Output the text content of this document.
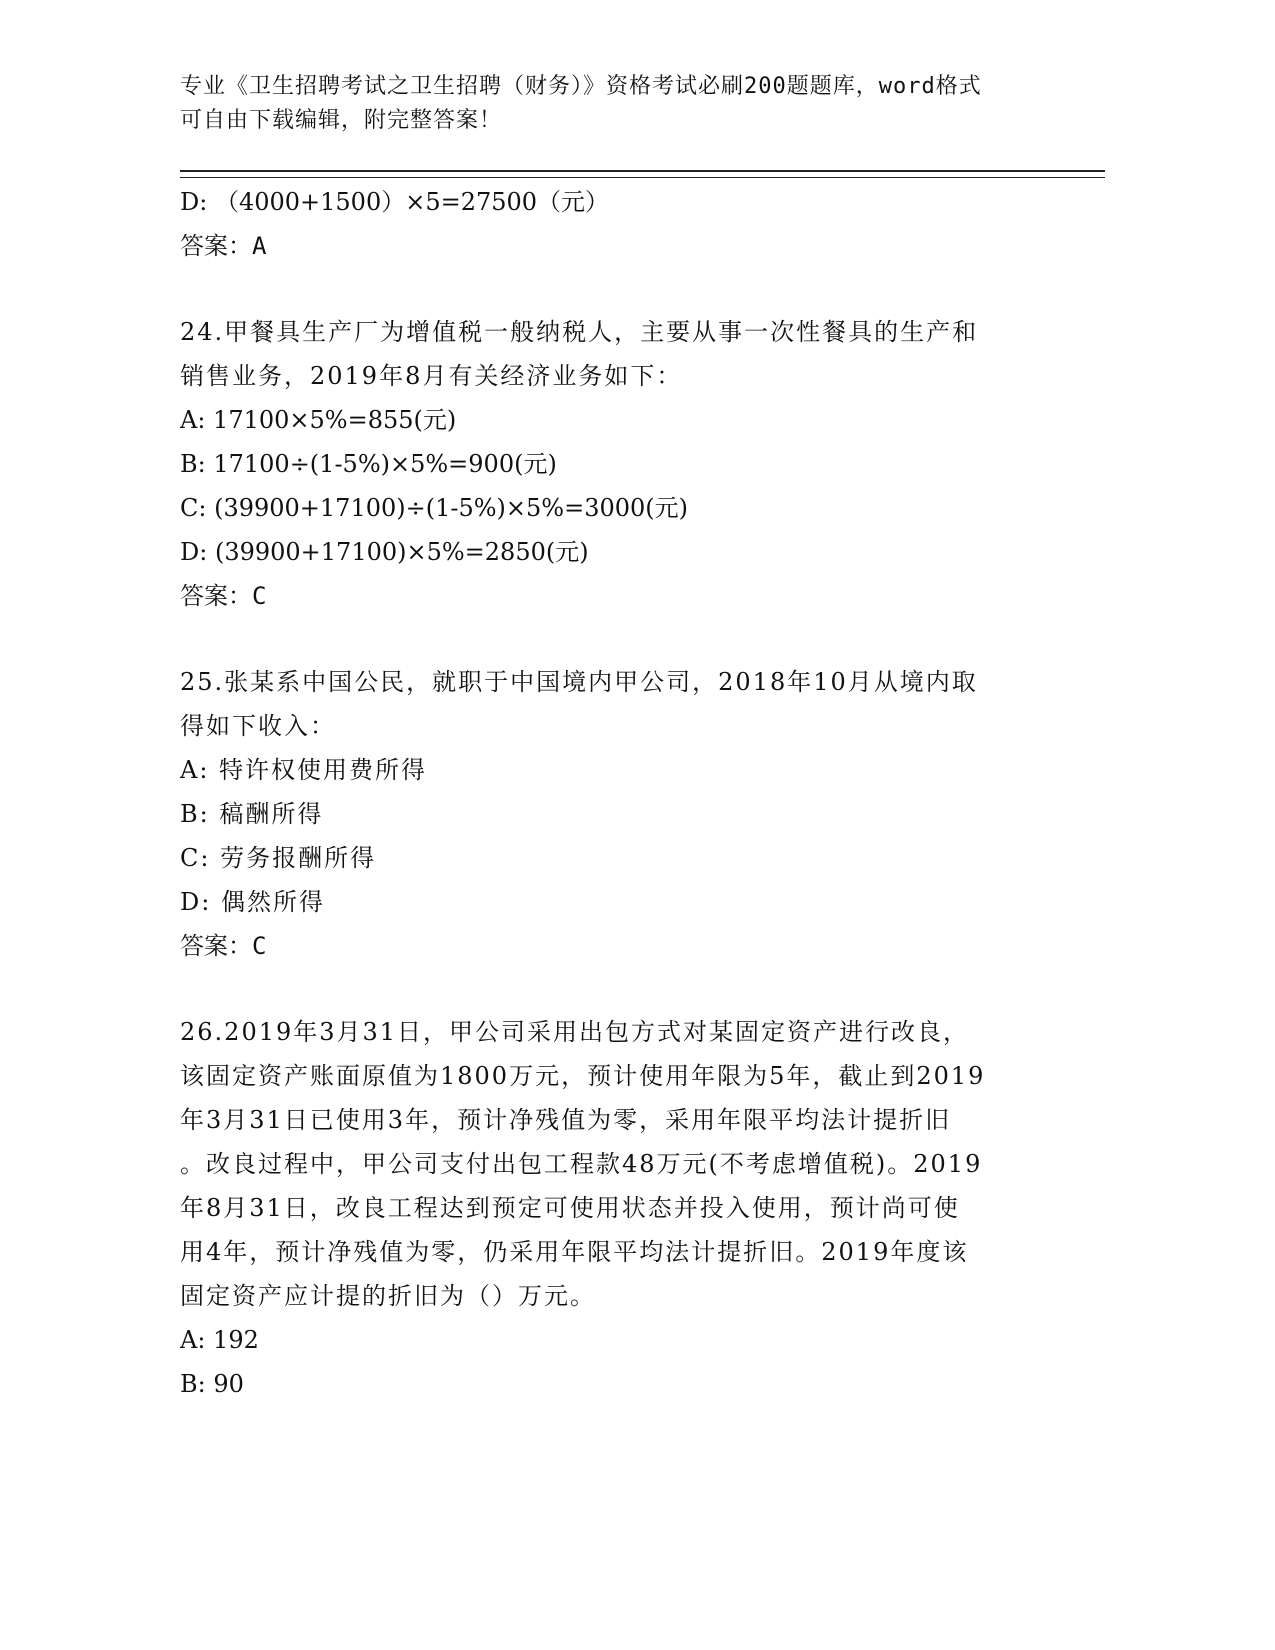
专业《卫生招聘考试之卫生招聘（财务）》资格考试必刷200题题库，word格式
可自由下载编辑，附完整答案！
D: （4000+1500）×5=27500（元）
答案：A
24.甲餐具生产厂为增值税一般纳税人，主要从事一次性餐具的生产和
销售业务，2019年8月有关经济业务如下：
A: 17100×5%=855(元)
B: 17100÷(1-5%)×5%=900(元)
C: (39900+17100)÷(1-5%)×5%=3000(元)
D: (39900+17100)×5%=2850(元)
答案：C
25.张某系中国公民，就职于中国境内甲公司，2018年10月从境内取
得如下收入：
A: 特许权使用费所得
B: 稿酬所得
C: 劳务报酬所得
D: 偶然所得
答案：C
26.2019年3月31日，甲公司采用出包方式对某固定资产进行改良，
该固定资产账面原值为1800万元，预计使用年限为5年，截止到2019
年3月31日已使用3年，预计净残值为零，采用年限平均法计提折旧
。改良过程中，甲公司支付出包工程款48万元(不考虑增值税)。2019
年8月31日，改良工程达到预定可使用状态并投入使用，预计尚可使
用4年，预计净残值为零，仍采用年限平均法计提折旧。2019年度该
固定资产应计提的折旧为（）万元。
A: 192
B: 90
